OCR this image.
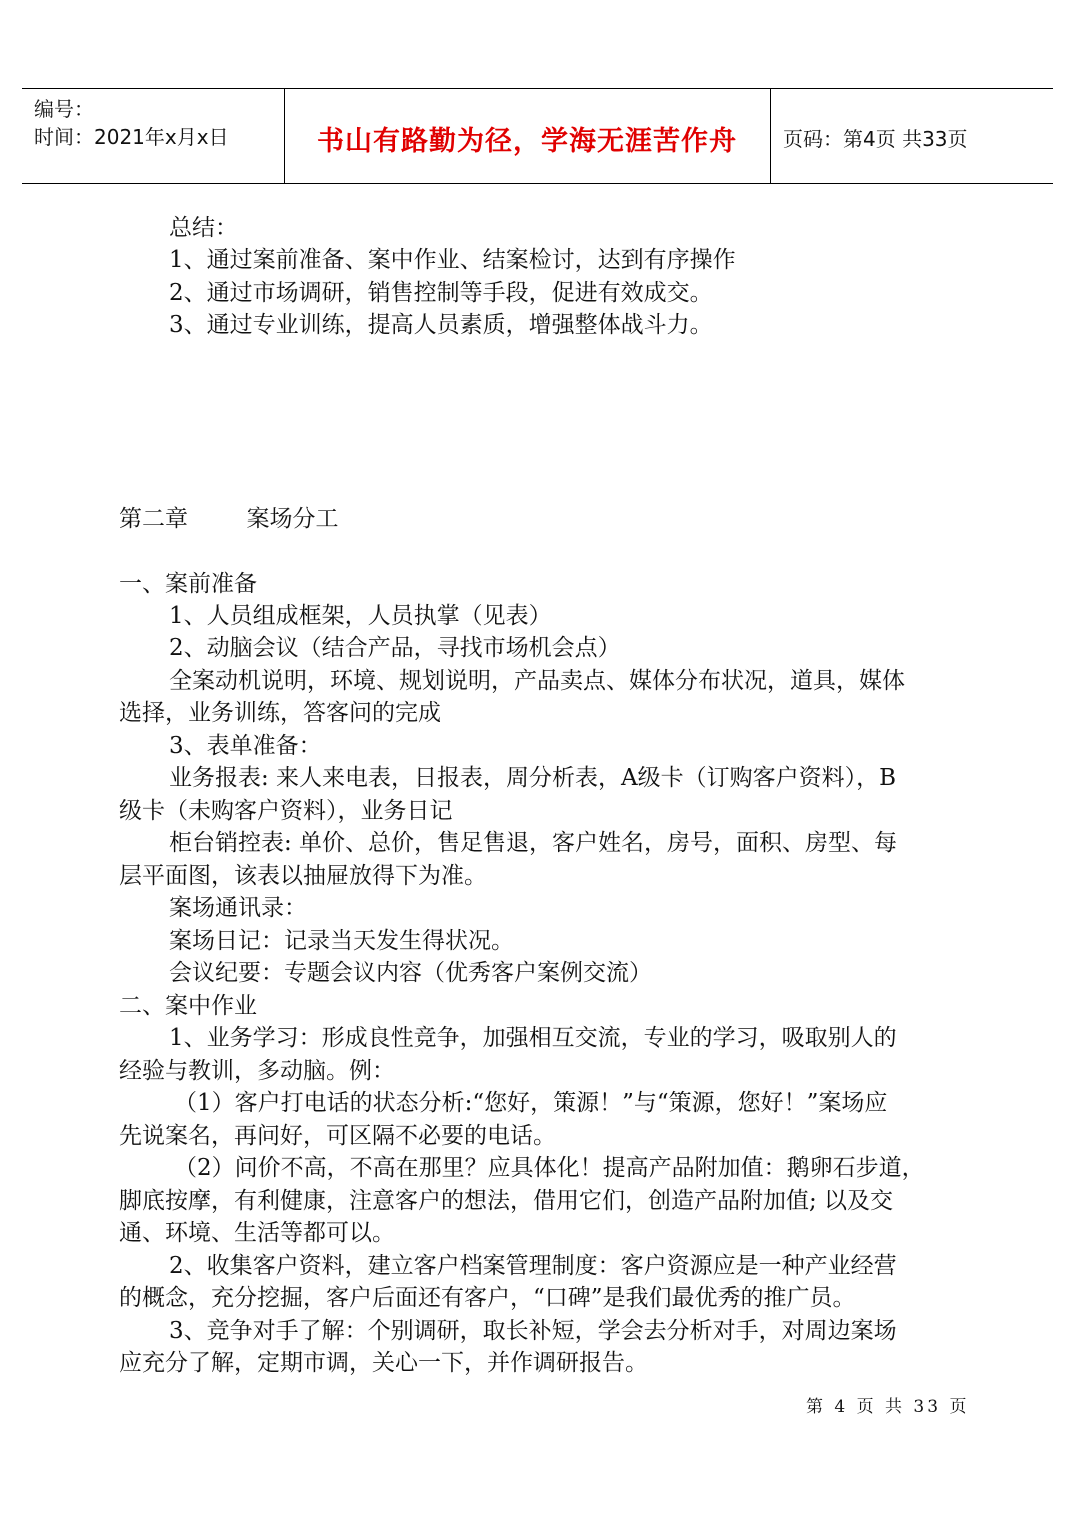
编号：
时间：2021年x月x日	书山有路勤为径，学海无涯苦作舟	页码：第4页 共33页
总结：
1、通过案前准备、案中作业、结案检讨，达到有序操作
2、通过市场调研，销售控制等手段，促进有效成交。
3、通过专业训练，提高人员素质，增强整体战斗力。
第二章        案场分工
一、案前准备
1、人员组成框架，人员执掌（见表）
2、动脑会议（结合产品，寻找市场机会点）
全案动机说明，环境、规划说明，产品卖点、媒体分布状况，道具，媒体
选择，业务训练，答客问的完成
3、表单准备：
业务报表: 来人来电表，日报表，周分析表，A级卡（订购客户资料），B
级卡（未购客户资料），业务日记
柜台销控表: 单价、总价，售足售退，客户姓名，房号，面积、房型、每
层平面图，该表以抽屉放得下为准。
案场通讯录：
案场日记：记录当天发生得状况。
会议纪要：专题会议内容（优秀客户案例交流）
二、案中作业
1、业务学习：形成良性竞争，加强相互交流，专业的学习，吸取别人的
经验与教训，多动脑。例：
（1）客户打电话的状态分析:“您好，策源！”与“策源，您好！”案场应
先说案名，再问好，可区隔不必要的电话。
（2）问价不高，不高在那里？应具体化！提高产品附加值：鹅卵石步道，
脚底按摩，有利健康，注意客户的想法，借用它们，创造产品附加值; 以及交
通、环境、生活等都可以。
2、收集客户资料，建立客户档案管理制度：客户资源应是一种产业经营
的概念，充分挖掘，客户后面还有客户，“口碑”是我们最优秀的推广员。
3、竞争对手了解：个别调研，取长补短，学会去分析对手，对周边案场
应充分了解，定期市调，关心一下，并作调研报告。
第 4 页 共 33 页
